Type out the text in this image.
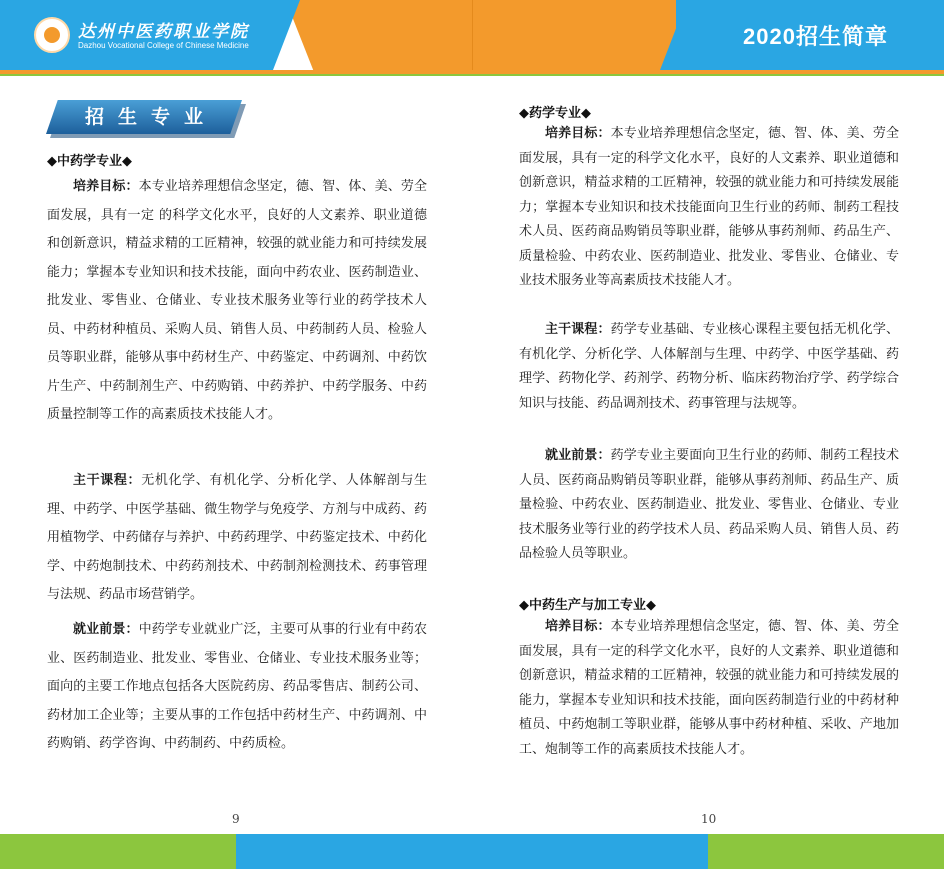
达州中医药职业学院
Dazhou Vocational College of Chinese Medicine	2020招生简章
招生专业
◆中药学专业◆
培养目标：本专业培养理想信念坚定，德、智、体、美、劳全面发展，具有一定 的科学文化水平，良好的人文素养、职业道德和创新意识，精益求精的工匠精神，较强的就业能力和可持续发展能力；掌握本专业知识和技术技能，面向中药农业、医药制造业、批发业、零售业、仓储业、专业技术服务业等行业的药学技术人员、中药材种植员、采购人员、销售人员、中药制药人员、检验人员等职业群，能够从事中药材生产、中药鉴定、中药调剂、中药饮片生产、中药制剂生产、中药购销、中药养护、中药学服务、中药质量控制等工作的高素质技术技能人才。
主干课程：无机化学、有机化学、分析化学、人体解剖与生理、中药学、中医学基础、微生物学与免疫学、方剂与中成药、药用植物学、中药储存与养护、中药药理学、中药鉴定技术、中药化学、中药炮制技术、中药药剂技术、中药制剂检测技术、药事管理与法规、药品市场营销学。
就业前景：中药学专业就业广泛，主要可从事的行业有中药农业、医药制造业、批发业、零售业、仓储业、专业技术服务业等；面向的主要工作地点包括各大医院药房、药品零售店、制药公司、药材加工企业等；主要从事的工作包括中药材生产、中药调剂、中药购销、药学咨询、中药制药、中药质检。
9
◆药学专业◆
培养目标：本专业培养理想信念坚定，德、智、体、美、劳全面发展，具有一定的科学文化水平，良好的人文素养、职业道德和创新意识，精益求精的工匠精神，较强的就业能力和可持续发展能力；掌握本专业知识和技术技能面向卫生行业的药师、制药工程技术人员、医药商品购销员等职业群，能够从事药剂师、药品生产、质量检验、中药农业、医药制造业、批发业、零售业、仓储业、专业技术服务业等高素质技术技能人才。
主干课程：药学专业基础、专业核心课程主要包括无机化学、有机化学、分析化学、人体解剖与生理、中药学、中医学基础、药理学、药物化学、药剂学、药物分析、临床药物治疗学、药学综合知识与技能、药品调剂技术、药事管理与法规等。
就业前景：药学专业主要面向卫生行业的药师、制药工程技术人员、医药商品购销员等职业群，能够从事药剂师、药品生产、质量检验、中药农业、医药制造业、批发业、零售业、仓储业、专业技术服务业等行业的药学技术人员、药品采购人员、销售人员、药品检验人员等职业。
◆中药生产与加工专业◆
培养目标：本专业培养理想信念坚定，德、智、体、美、劳全面发展，具有一定的科学文化水平，良好的人文素养、职业道德和创新意识，精益求精的工匠精神，较强的就业能力和可持续发展的能力，掌握本专业知识和技术技能，面向医药制造行业的中药材种植员、中药炮制工等职业群，能够从事中药材种植、采收、产地加工、炮制等工作的高素质技术技能人才。
10
